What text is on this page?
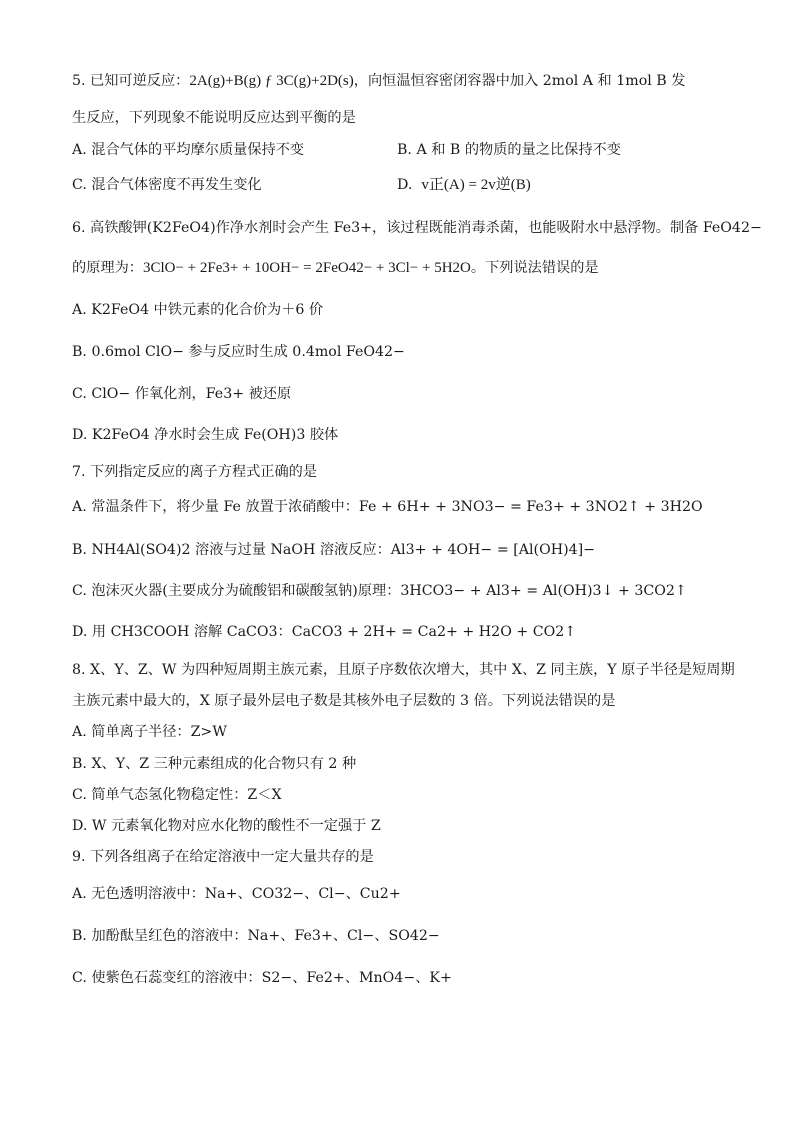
5. 已知可逆反应：2A(g)+B(g) ƒ 3C(g)+2D(s)，向恒温恒容密闭容器中加入 2mol A 和 1mol B 发
生反应，下列现象不能说明反应达到平衡的是
A. 混合气体的平均摩尔质量保持不变	B. A 和 B 的物质的量之比保持不变
C. 混合气体密度不再发生变化	D. v正(A) = 2v逆(B)
6. 高铁酸钾(K2FeO4)作净水剂时会产生 Fe3+，该过程既能消毒杀菌，也能吸附水中悬浮物。制备 FeO42−
的原理为：3ClO− + 2Fe3+ + 10OH− = 2FeO42− + 3Cl− + 5H2O。下列说法错误的是
A. K2FeO4 中铁元素的化合价为＋6 价
B. 0.6mol ClO− 参与反应时生成 0.4mol FeO42−
C. ClO− 作氧化剂，Fe3+ 被还原
D. K2FeO4 净水时会生成 Fe(OH)3 胶体
7. 下列指定反应的离子方程式正确的是
A. 常温条件下，将少量 Fe 放置于浓硝酸中：Fe + 6H+ + 3NO3− = Fe3+ + 3NO2↑ + 3H2O
B. NH4Al(SO4)2 溶液与过量 NaOH 溶液反应：Al3+ + 4OH− = [Al(OH)4]−
C. 泡沫灭火器(主要成分为硫酸铝和碳酸氢钠)原理：3HCO3− + Al3+ = Al(OH)3↓ + 3CO2↑
D. 用 CH3COOH 溶解 CaCO3：CaCO3 + 2H+ = Ca2+ + H2O + CO2↑
8. X、Y、Z、W 为四种短周期主族元素，且原子序数依次增大，其中 X、Z 同主族，Y 原子半径是短周期
主族元素中最大的，X 原子最外层电子数是其核外电子层数的 3 倍。下列说法错误的是
A. 简单离子半径：Z>W
B. X、Y、Z 三种元素组成的化合物只有 2 种
C. 简单气态氢化物稳定性：Z＜X
D. W 元素氧化物对应水化物的酸性不一定强于 Z
9. 下列各组离子在给定溶液中一定大量共存的是
A. 无色透明溶液中：Na+、CO32−、Cl−、Cu2+
B. 加酚酞呈红色的溶液中：Na+、Fe3+、Cl−、SO42−
C. 使紫色石蕊变红的溶液中：S2−、Fe2+、MnO4−、K+
